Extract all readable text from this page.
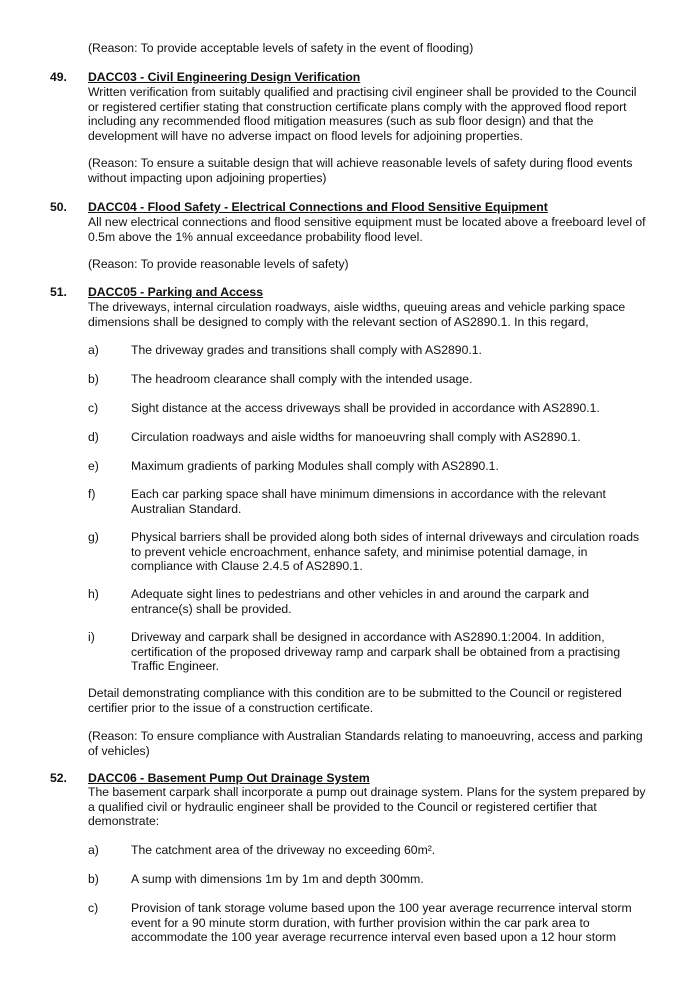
(Reason: To provide acceptable levels of safety in the event of flooding)

49. DACC03 - Civil Engineering Design Verification

Written verification from suitably qualified and practising civil engineer shall be provided to the Council or registered certifier stating that construction certificate plans comply with the approved flood report including any recommended flood mitigation measures (such as sub floor design) and that the development will have no adverse impact on flood levels for adjoining properties.

(Reason: To ensure a suitable design that will achieve reasonable levels of safety during flood events without impacting upon adjoining properties)

50. DACC04 - Flood Safety - Electrical Connections and Flood Sensitive Equipment

All new electrical connections and flood sensitive equipment must be located above a freeboard level of 0.5m above the 1% annual exceedance probability flood level.

(Reason: To provide reasonable levels of safety)

51. DACC05 - Parking and Access

The driveways, internal circulation roadways, aisle widths, queuing areas and vehicle parking space dimensions shall be designed to comply with the relevant section of AS2890.1. In this regard,

a)	The driveway grades and transitions shall comply with AS2890.1.

b)	The headroom clearance shall comply with the intended usage.

c)	Sight distance at the access driveways shall be provided in accordance with AS2890.1.

d)	Circulation roadways and aisle widths for manoeuvring shall comply with AS2890.1.

e)	Maximum gradients of parking Modules shall comply with AS2890.1.

f)	Each car parking space shall have minimum dimensions in accordance with the relevant Australian Standard.

g)	Physical barriers shall be provided along both sides of internal driveways and circulation roads to prevent vehicle encroachment, enhance safety, and minimise potential damage, in compliance with Clause 2.4.5 of AS2890.1.

h)	Adequate sight lines to pedestrians and other vehicles in and around the carpark and entrance(s) shall be provided.

i)	Driveway and carpark shall be designed in accordance with AS2890.1:2004. In addition, certification of the proposed driveway ramp and carpark shall be obtained from a practising Traffic Engineer.

Detail demonstrating compliance with this condition are to be submitted to the Council or registered certifier prior to the issue of a construction certificate.

(Reason: To ensure compliance with Australian Standards relating to manoeuvring, access and parking of vehicles)

52. DACC06 - Basement Pump Out Drainage System

The basement carpark shall incorporate a pump out drainage system. Plans for the system prepared by a qualified civil or hydraulic engineer shall be provided to the Council or registered certifier that demonstrate:

a)	The catchment area of the driveway no exceeding 60m².

b)	A sump with dimensions 1m by 1m and depth 300mm.

c)	Provision of tank storage volume based upon the 100 year average recurrence interval storm event for a 90 minute storm duration, with further provision within the car park area to accommodate the 100 year average recurrence interval even based upon a 12 hour storm
